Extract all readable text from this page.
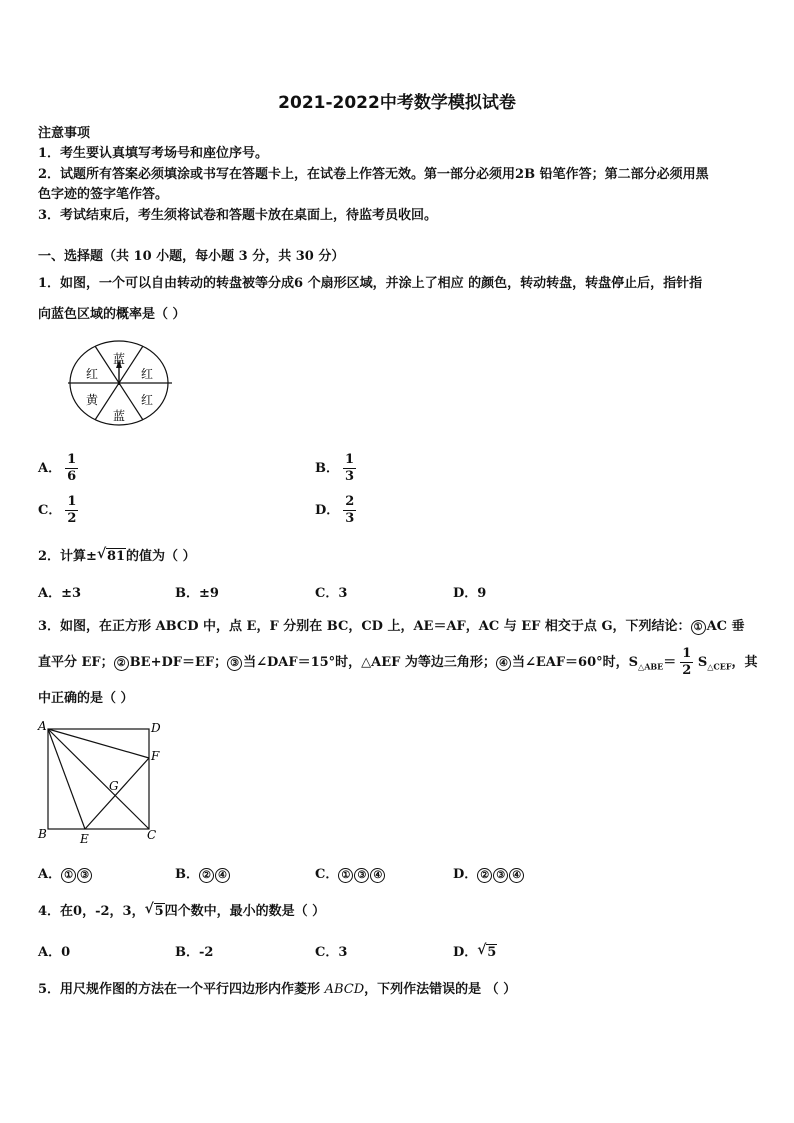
2021-2022中考数学模拟试卷
注意事项
1．考生要认真填写考场号和座位序号。
2．试题所有答案必须填涂或书写在答题卡上，在试卷上作答无效。第一部分必须用2B 铅笔作答；第二部分必须用黑
色字迹的签字笔作答。
3．考试结束后，考生须将试卷和答题卡放在桌面上，待监考员收回。
一、选择题（共 10 小题，每小题 3 分，共 30 分）
1．如图，一个可以自由转动的转盘被等分成6 个扇形区域，并涂上了相应 的颜色，转动转盘，转盘停止后，指针指
向蓝色区域的概率是（ ）
蓝
红
红
蓝
黄
红
A． $\frac{1}{6}$	B． $\frac{1}{3}$
C． $\frac{1}{2}$	D． $\frac{2}{3}$
2．计算± √ 81的值为（ ）
A．±3	B．±9	C．3	D．9
3．如图，在正方形 ABCD 中，点 E，F 分别在 BC，CD 上，AE＝AF，AC 与 EF 相交于点 G，下列结论： ① AC 垂
直平分 EF； ② BE+DF＝EF； ③ 当∠DAF＝15°时，△AEF 为等边三角形； ④ 当∠EAF＝60°时，$S_{\triangle ABE}= \frac{1}{2} S_{\triangle CEF}$，其
中正确的是（ ）
A	D
F
G
B	E	C
A． ① ③	B． ② ④	C． ① ③ ④	D． ② ③ ④
4．在0，-2，3， √ 5四个数中，最小的数是（ ）
A．0	B．-2	C．3	D． √ 5
5．用尺规作图的方法在一个平行四边形内作菱形 ABCD，下列作法错误的是 （ ）
